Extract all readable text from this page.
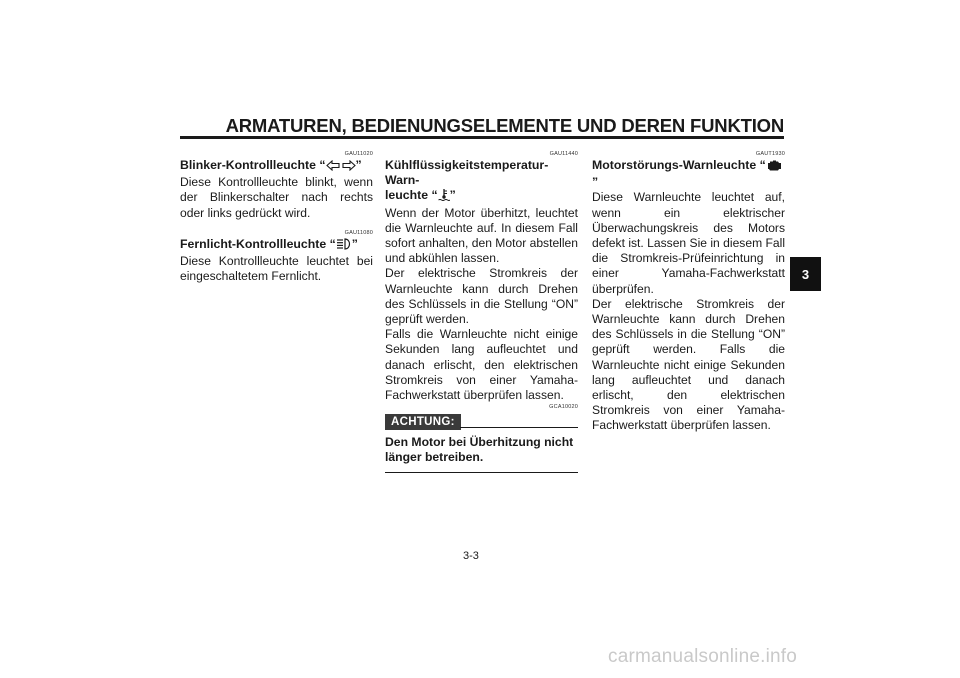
ARMATUREN, BEDIENUNGSELEMENTE UND DEREN FUNKTION
GAU11020
Blinker-Kontrollleuchte “ ”
Diese Kontrollleuchte blinkt, wenn der Blinkerschalter nach rechts oder links gedrückt wird.
GAU11080
Fernlicht-Kontrollleuchte “ ”
Diese Kontrollleuchte leuchtet bei eingeschaltetem Fernlicht.
GAU11440
Kühlflüssigkeitstemperatur-Warn-
leuchte “ ”
Wenn der Motor überhitzt, leuchtet die Warnleuchte auf. In diesem Fall sofort anhalten, den Motor abstellen und abkühlen lassen.
Der elektrische Stromkreis der Warnleuchte kann durch Drehen des Schlüssels in die Stellung “ON” geprüft werden.
Falls die Warnleuchte nicht einige Sekunden lang aufleuchtet und danach erlischt, den elektrischen Stromkreis von einer Yamaha-Fachwerkstatt überprüfen lassen.
GCA10020
ACHTUNG:
Den Motor bei Überhitzung nicht länger betreiben.
GAUT1930
Motorstörungs-Warnleuchte “”
Diese Warnleuchte leuchtet auf, wenn ein elektrischer Überwachungskreis des Motors defekt ist. Lassen Sie in diesem Fall die Stromkreis-Prüfeinrichtung in einer Yamaha-Fachwerkstatt überprüfen.
Der elektrische Stromkreis der Warnleuchte kann durch Drehen des Schlüssels in die Stellung “ON” geprüft werden. Falls die Warnleuchte nicht einige Sekunden lang aufleuchtet und danach erlischt, den elektrischen Stromkreis von einer Yamaha-Fachwerkstatt überprüfen lassen.
3
3-3
carmanualsonline.info
